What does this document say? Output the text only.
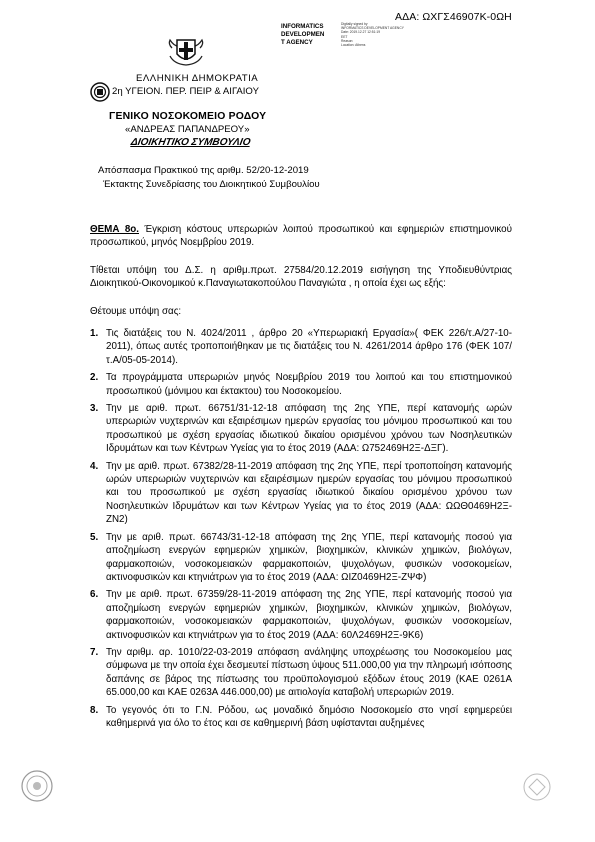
ΑΔΑ: ΩΧΓΣ46907Κ-0ΩΗ
INFORMATICS
DEVELOPMEN
T AGENCY
Digitally signed by
INFORMATICS DEVELOPMENT AGENCY
Date: 2019.12.27 12:51:19
EET
Reason:
Location: Athens
ΕΛΛΗΝΙΚΗ ΔΗΜΟΚΡΑΤΙΑ
2η ΥΓΕΙΟΝ. ΠΕΡ. ΠΕΙΡ & ΑΙΓΑΙΟΥ
ΓΕΝΙΚΟ ΝΟΣΟΚΟΜΕΙΟ ΡΟΔΟΥ
«ΑΝΔΡΕΑΣ ΠΑΠΑΝΔΡΕΟΥ»
ΔΙΟΙΚΗΤΙΚΟ ΣΥΜΒΟΥΛΙΟ
Απόσπασμα Πρακτικού της αριθμ. 52/20-12-2019
Έκτακτης Συνεδρίασης του Διοικητικού Συμβουλίου
ΘΕΜΑ 8ο. Έγκριση κόστους υπερωριών λοιπού προσωπικού και εφημεριών επιστημονικού προσωπικού, μηνός Νοεμβρίου 2019.
Τίθεται υπόψη του Δ.Σ. η αριθμ.πρωτ. 27584/20.12.2019 εισήγηση της Υποδιευθύντριας Διοικητικού-Οικονομικού κ.Παναγιωτακοπούλου Παναγιώτα , η οποία έχει ως εξής:
Θέτουμε υπόψη σας:
1. Τις διατάξεις του Ν. 4024/2011 , άρθρο 20 «Υπερωριακή Εργασία»( ΦΕΚ 226/τ.Α/27-10-2011), όπως αυτές τροποποιήθηκαν με τις διατάξεις του Ν. 4261/2014 άρθρο 176 (ΦΕΚ 107/τ.Α/05-05-2014).
2. Τα προγράμματα υπερωριών μηνός Νοεμβρίου 2019 του λοιπού και του επιστημονικού προσωπικού (μόνιμου και έκτακτου) του Νοσοκομείου.
3. Την με αριθ. πρωτ. 66751/31-12-18 απόφαση της 2ης ΥΠΕ, περί κατανομής ωρών υπερωριών νυχτερινών και εξαιρέσιμων ημερών εργασίας του μόνιμου προσωπικού και του προσωπικού με σχέση εργασίας ιδιωτικού δικαίου ορισμένου χρόνου των Νοσηλευτικών Ιδρυμάτων και των Κέντρων Υγείας για το έτος 2019 (ΑΔΑ: Ω752469Η2Ξ-ΔΞΓ).
4. Την με αριθ. πρωτ. 67382/28-11-2019 απόφαση της 2ης ΥΠΕ, περί τροποποίηση κατανομής ωρών υπερωριών νυχτερινών και εξαιρέσιμων ημερών εργασίας του μόνιμου προσωπικού και του προσωπικού με σχέση εργασίας ιδιωτικού δικαίου ορισμένου χρόνου των Νοσηλευτικών Ιδρυμάτων και των Κέντρων Υγείας για το έτος 2019 (ΑΔΑ: ΩΩΘ0469Η2Ξ-ΖΝ2)
5. Την με αριθ. πρωτ. 66743/31-12-18 απόφαση της 2ης ΥΠΕ, περί κατανομής ποσού για αποζημίωση ενεργών εφημεριών χημικών, βιοχημικών, κλινικών χημικών, βιολόγων, φαρμακοποιών, νοσοκομειακών φαρμακοποιών, ψυχολόγων, φυσικών νοσοκομείων, ακτινοφυσικών και κτηνιάτρων για το έτος 2019 (ΑΔΑ: ΩΙΖ0469Η2Ξ-ΖΨΦ)
6. Την με αριθ. πρωτ. 67359/28-11-2019 απόφαση της 2ης ΥΠΕ, περί κατανομής ποσού για αποζημίωση ενεργών εφημεριών χημικών, βιοχημικών, κλινικών χημικών, βιολόγων, φαρμακοποιών, νοσοκομειακών φαρμακοποιών, ψυχολόγων, φυσικών νοσοκομείων, ακτινοφυσικών και κτηνιάτρων για το έτος 2019 (ΑΔΑ: 60Λ2469Η2Ξ-9Κ6)
7. Την αριθμ. αρ. 1010/22-03-2019 απόφαση ανάληψης υποχρέωσης του Νοσοκομείου μας σύμφωνα με την οποία έχει δεσμευτεί πίστωση ύψους 511.000,00 για την πληρωμή ισόποσης δαπάνης σε βάρος της πίστωσης του προϋπολογισμού εξόδων έτους 2019 (ΚΑΕ 0261Α 65.000,00 και ΚΑΕ 0263Α 446.000,00) με αιτιολογία καταβολή υπερωριών 2019.
8. Το γεγονός ότι το Γ.Ν. Ρόδου, ως μοναδικό δημόσιο Νοσοκομείο στο νησί εφημερεύει καθημερινά για όλο το έτος και σε καθημερινή βάση υφίστανται αυξημένες
